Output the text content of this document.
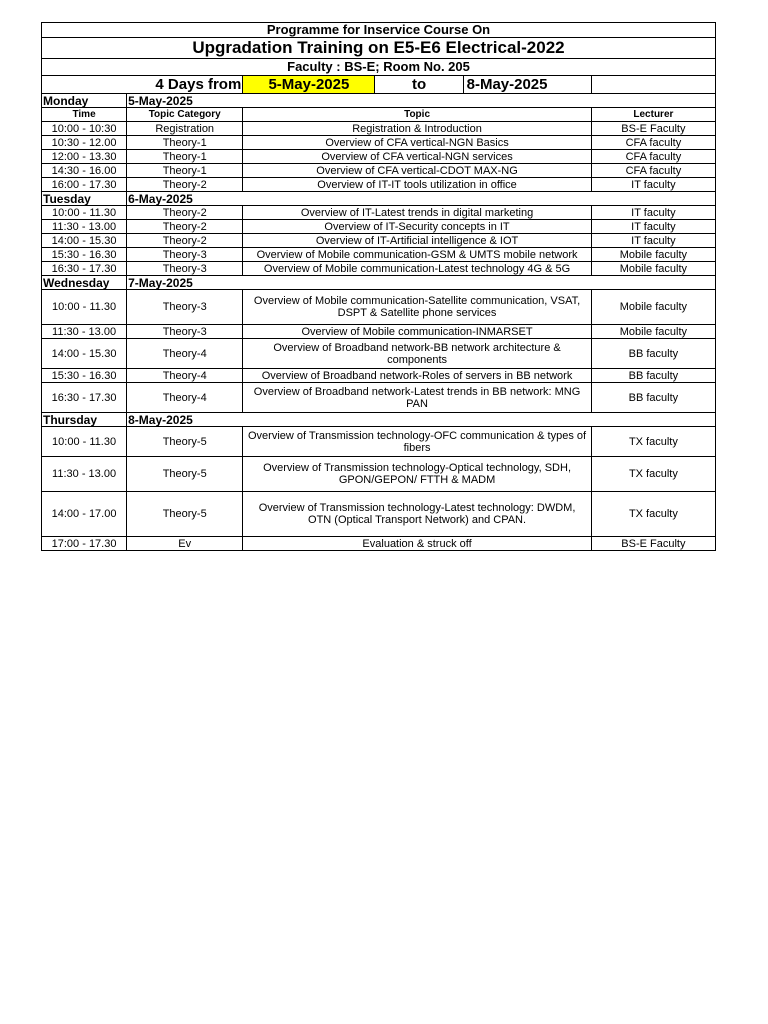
Programme for Inservice Course On					
Upgradation Training on E5-E6 Electrical-2022					
Faculty : BS-E; Room No. 205					
4 Days from		5-May-2025	to	8-May-2025	
Monday	5-May-2025				
Time	Topic Category	Topic			Lecturer
10:00 - 10:30	Registration	Registration & Introduction			BS-E Faculty
10:30 - 12.00	Theory-1	Overview of CFA vertical-NGN Basics			CFA faculty
12:00 - 13.30	Theory-1	Overview of CFA vertical-NGN services			CFA faculty
14:30 - 16.00	Theory-1	Overview of CFA vertical-CDOT MAX-NG			CFA faculty
16:00 - 17.30	Theory-2	Overview of IT-IT tools utilization in office			IT faculty
Tuesday	6-May-2025				
10:00 - 11.30	Theory-2	Overview of IT-Latest trends in digital marketing			IT faculty
11:30 - 13.00	Theory-2	Overview of IT-Security concepts in IT			IT faculty
14:00 - 15.30	Theory-2	Overview of IT-Artificial intelligence & IOT			IT faculty
15:30 - 16.30	Theory-3	Overview of Mobile communication-GSM & UMTS mobile network			Mobile faculty
16:30 - 17.30	Theory-3	Overview of Mobile communication-Latest technology 4G & 5G			Mobile faculty
Wednesday	7-May-2025				
10:00 - 11.30	Theory-3	Overview of Mobile communication-Satellite communication, VSAT, DSPT & Satellite phone services			Mobile faculty
11:30 - 13.00	Theory-3	Overview of Mobile communication-INMARSET			Mobile faculty
14:00 - 15.30	Theory-4	Overview of Broadband network-BB network architecture & components			BB faculty
15:30 - 16.30	Theory-4	Overview of Broadband network-Roles of servers in BB network			BB faculty
16:30 - 17.30	Theory-4	Overview of Broadband network-Latest trends in BB network: MNG PAN			BB faculty
Thursday	8-May-2025				
10:00 - 11.30	Theory-5	Overview of Transmission technology-OFC communication & types of fibers			TX faculty
11:30 - 13.00	Theory-5	Overview of Transmission technology-Optical technology, SDH, GPON/GEPON/ FTTH & MADM			TX faculty
14:00 - 17.00	Theory-5	Overview of Transmission technology-Latest technology: DWDM, OTN (Optical Transport Network) and CPAN.			TX faculty
17:00 - 17.30	Ev	Evaluation & struck off			BS-E Faculty
